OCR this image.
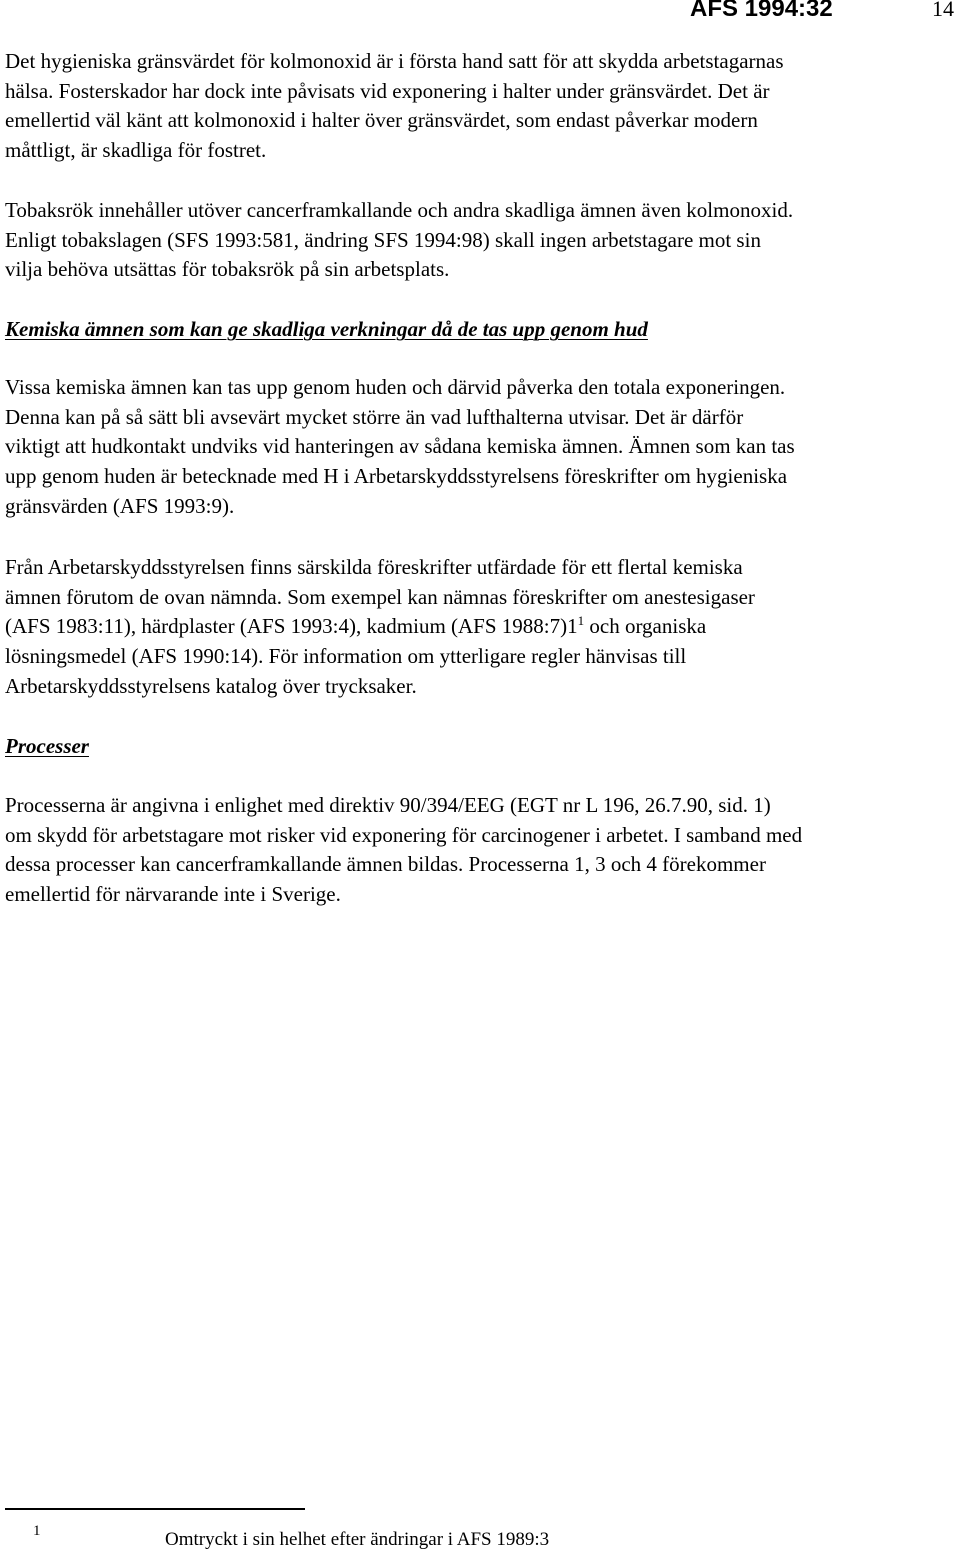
AFS 1994:32	14
Det hygieniska gränsvärdet för kolmonoxid är i första hand satt för att skydda arbetstagarnas
hälsa. Fosterskador har dock inte påvisats vid exponering i halter under gränsvärdet. Det är
emellertid väl känt att kolmonoxid i halter över gränsvärdet, som endast påverkar modern
måttligt, är skadliga för fostret.
Tobaksrök innehåller utöver cancerframkallande och andra skadliga ämnen även kolmonoxid.
Enligt tobakslagen (SFS 1993:581, ändring SFS 1994:98) skall ingen arbetstagare mot sin
vilja behöva utsättas för tobaksrök på sin arbetsplats.
Kemiska ämnen som kan ge skadliga verkningar då de tas upp genom hud
Vissa kemiska ämnen kan tas upp genom huden och därvid påverka den totala exponeringen.
Denna kan på så sätt bli avsevärt mycket större än vad lufthalterna utvisar. Det är därför
viktigt att hudkontakt undviks vid hanteringen av sådana kemiska ämnen. Ämnen som kan tas
upp genom huden är betecknade med H i Arbetarskyddsstyrelsens föreskrifter om hygieniska
gränsvärden (AFS 1993:9).
Från Arbetarskyddsstyrelsen finns särskilda föreskrifter utfärdade för ett flertal kemiska
ämnen förutom de ovan nämnda. Som exempel kan nämnas föreskrifter om anestesigaser
(AFS 1983:11), härdplaster (AFS 1993:4), kadmium (AFS $1988:7)1^1$ och organiska
lösningsmedel (AFS 1990:14). För information om ytterligare regler hänvisas till
Arbetarskyddsstyrelsens katalog över trycksaker.
Processer
Processerna är angivna i enlighet med direktiv 90/394/EEG (EGT nr L 196, 26.7.90, sid. 1)
om skydd för arbetstagare mot risker vid exponering för carcinogener i arbetet. I samband med
dessa processer kan cancerframkallande ämnen bildas. Processerna 1, 3 och 4 förekommer
emellertid för närvarande inte i Sverige.
1	Omtryckt i sin helhet efter ändringar i AFS 1989:3
